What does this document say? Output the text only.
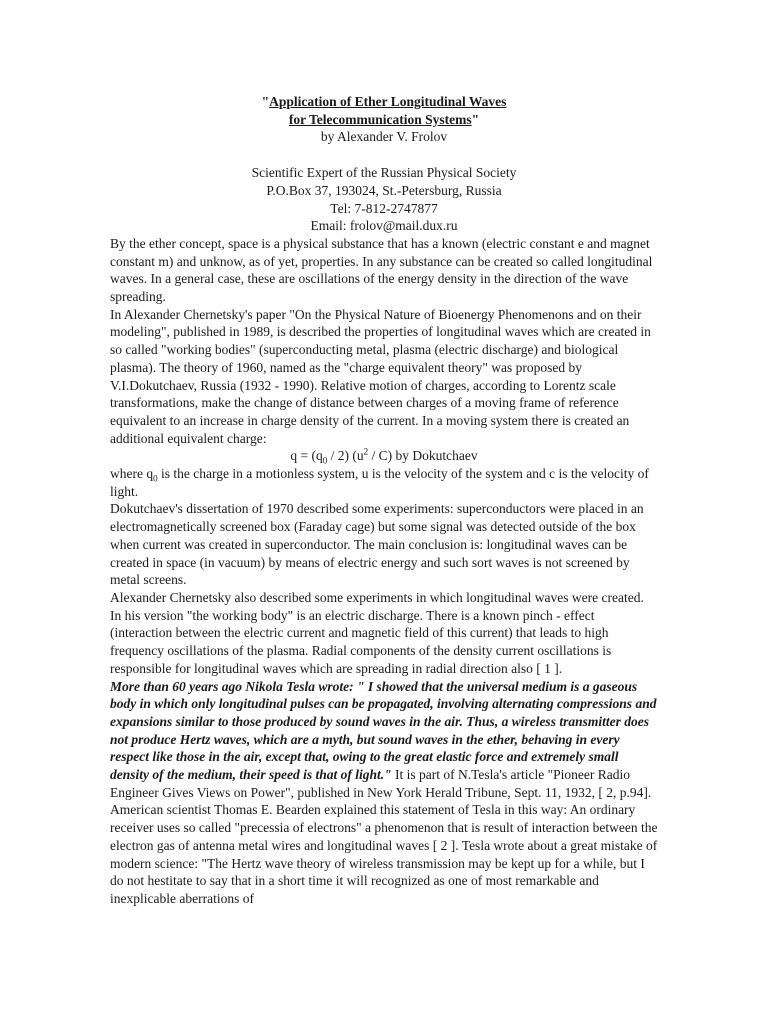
"Application of Ether Longitudinal Waves
for Telecommunication Systems"
by Alexander V. Frolov
Scientific Expert of the Russian Physical Society
P.O.Box 37, 193024, St.-Petersburg, Russia
Tel: 7-812-2747877
Email: frolov@mail.dux.ru

By the ether concept, space is a physical substance that has a known (electric constant e and magnet constant m) and unknow, as of yet, properties. In any substance can be created so called longitudinal waves. In a general case, these are oscillations of the energy density in the direction of the wave spreading.

In Alexander Chernetsky's paper "On the Physical Nature of Bioenergy Phenomenons and on their modeling", published in 1989, is described the properties of longitudinal waves which are created in so called "working bodies" (superconducting metal, plasma (electric discharge) and biological plasma). The theory of 1960, named as the "charge equivalent theory" was proposed by V.I.Dokutchaev, Russia (1932 - 1990). Relative motion of charges, according to Lorentz scale transformations, make the change of distance between charges of a moving frame of reference equivalent to an increase in charge density of the current. In a moving system there is created an additional equivalent charge:

$q = (q_0 / 2)$ $(u^2 / C)$ by Dokutchaev

where $q_0$ is the charge in a motionless system, u is the velocity of the system and c is the velocity of light.

Dokutchaev's dissertation of 1970 described some experiments: superconductors were placed in an electromagnetically screened box (Faraday cage) but some signal was detected outside of the box when current was created in superconductor. The main conclusion is: longitudinal waves can be created in space (in vacuum) by means of electric energy and such sort waves is not screened by metal screens.

Alexander Chernetsky also described some experiments in which longitudinal waves were created. In his version "the working body" is an electric discharge. There is a known pinch - effect (interaction between the electric current and magnetic field of this current) that leads to high frequency oscillations of the plasma. Radial components of the density current oscillations is responsible for longitudinal waves which are spreading in radial direction also [ 1 ].

More than 60 years ago Nikola Tesla wrote: " I showed that the universal medium is a gaseous body in which only longitudinal pulses can be propagated, involving alternating compressions and expansions similar to those produced by sound waves in the air. Thus, a wireless transmitter does not produce Hertz waves, which are a myth, but sound waves in the ether, behaving in every respect like those in the air, except that, owing to the great elastic force and extremely small density of the medium, their speed is that of light." It is part of N.Tesla's article "Pioneer Radio Engineer Gives Views on Power", published in New York Herald Tribune, Sept. 11, 1932, [ 2, p.94].

American scientist Thomas E. Bearden explained this statement of Tesla in this way: An ordinary receiver uses so called "precessia of electrons" a phenomenon that is result of interaction between the electron gas of antenna metal wires and longitudinal waves [ 2 ]. Tesla wrote about a great mistake of modern science: "The Hertz wave theory of wireless transmission may be kept up for a while, but I do not hestitate to say that in a short time it will recognized as one of most remarkable and inexplicable aberrations of
